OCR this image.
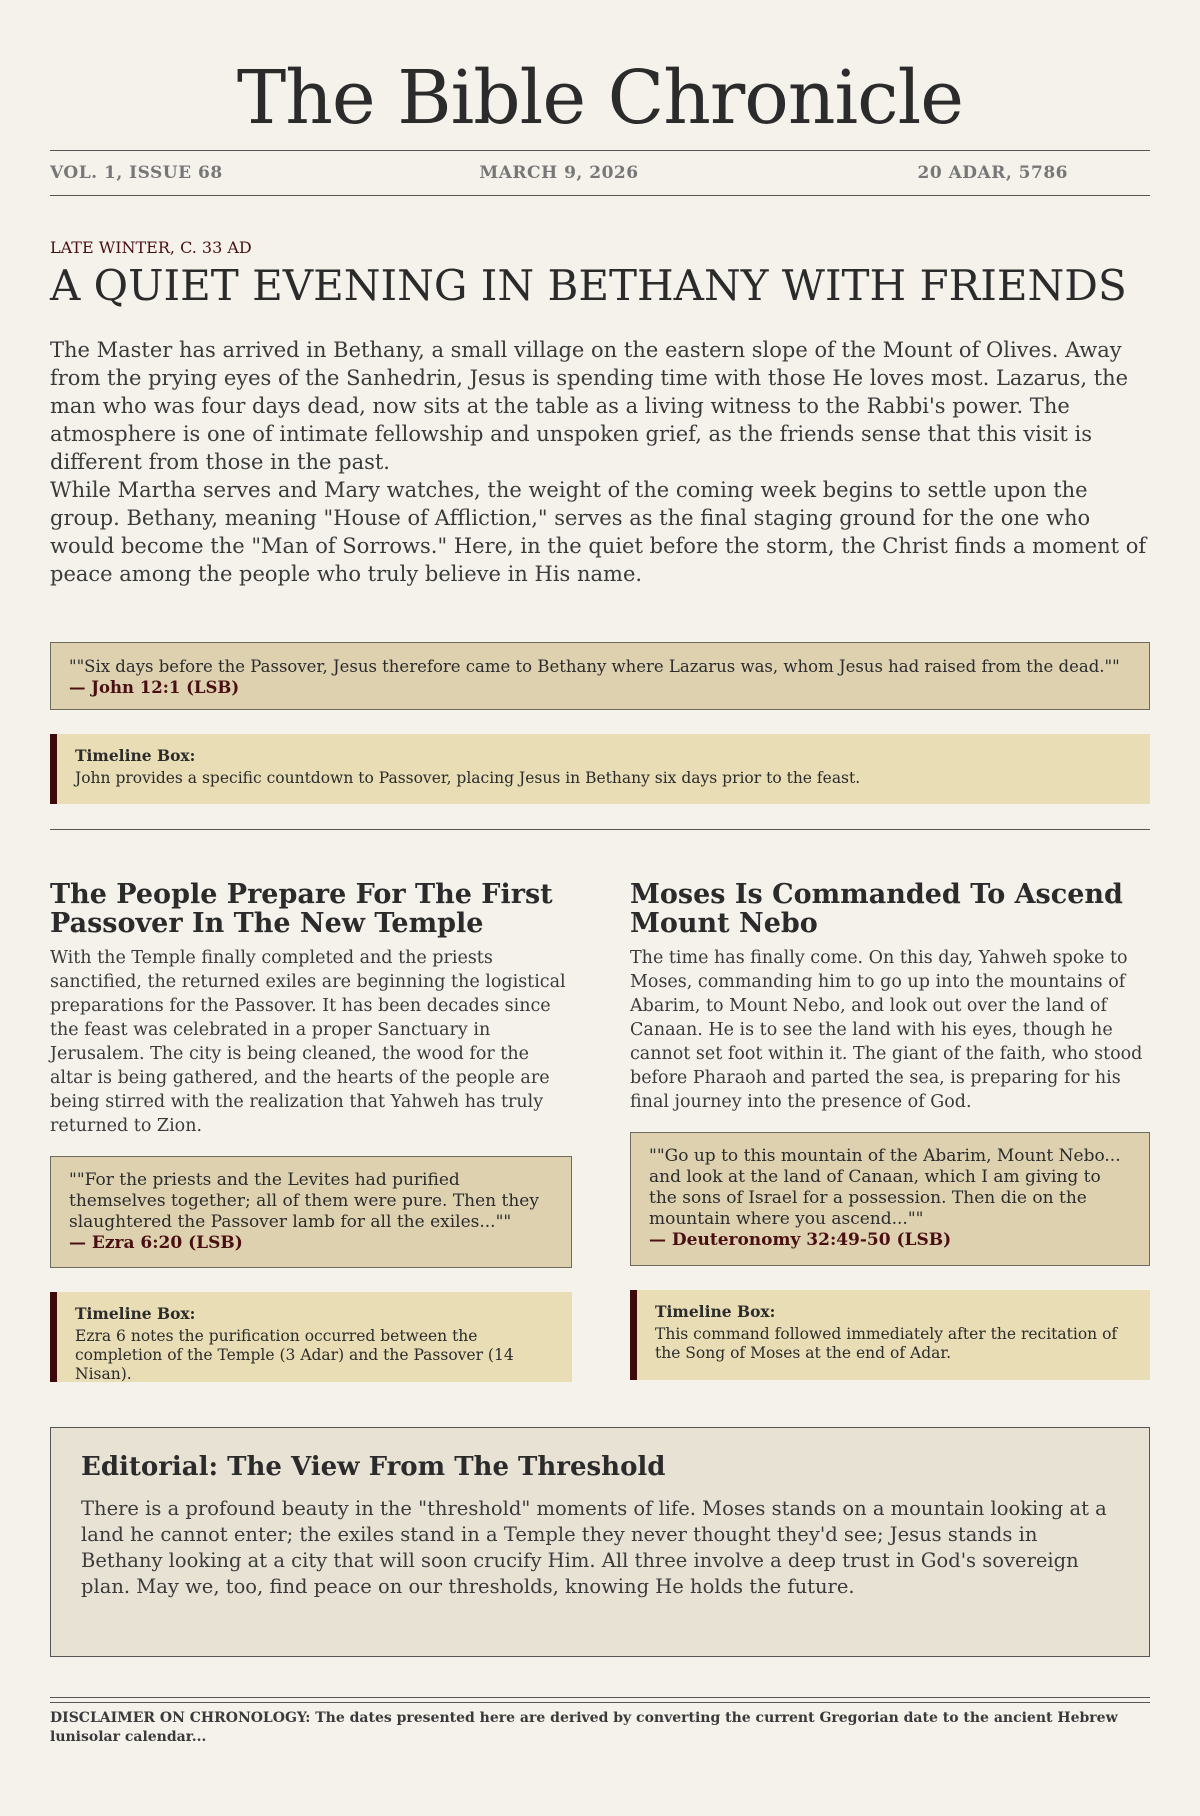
The Bible Chronicle
VOL. 1, ISSUE 68	MARCH 9, 2026	20 ADAR, 5786
LATE WINTER, C. 33 AD
A QUIET EVENING IN BETHANY WITH FRIENDS

The Master has arrived in Bethany, a small village on the eastern slope of the Mount of Olives. Away from the prying eyes of the Sanhedrin, Jesus is spending time with those He loves most. Lazarus, the man who was four days dead, now sits at the table as a living witness to the Rabbi's power. The atmosphere is one of intimate fellowship and unspoken grief, as the friends sense that this visit is different from those in the past.

While Martha serves and Mary watches, the weight of the coming week begins to settle upon the group. Bethany, meaning "House of Affliction," serves as the final staging ground for the one who would become the "Man of Sorrows." Here, in the quiet before the storm, the Christ finds a moment of peace among the people who truly believe in His name.

""Six days before the Passover, Jesus therefore came to Bethany where Lazarus was, whom Jesus had raised from the dead.""
— John 12:1 (LSB)
Timeline Box:
John provides a specific countdown to Passover, placing Jesus in Bethany six days prior to the feast.
The People Prepare For The First
Passover In The New Temple

With the Temple finally completed and the priests sanctified, the returned exiles are beginning the logistical preparations for the Passover. It has been decades since the feast was celebrated in a proper Sanctuary in Jerusalem. The city is being cleaned, the wood for the altar is being gathered, and the hearts of the people are being stirred with the realization that Yahweh has truly returned to Zion.

""For the priests and the Levites had purified themselves together; all of them were pure. Then they slaughtered the Passover lamb for all the exiles...""
— Ezra 6:20 (LSB)
Timeline Box:
Ezra 6 notes the purification occurred between the completion of the Temple (3 Adar) and the Passover (14 Nisan).
Moses Is Commanded To Ascend
Mount Nebo

The time has finally come. On this day, Yahweh spoke to Moses, commanding him to go up into the mountains of Abarim, to Mount Nebo, and look out over the land of Canaan. He is to see the land with his eyes, though he cannot set foot within it. The giant of the faith, who stood before Pharaoh and parted the sea, is preparing for his final journey into the presence of God.

""Go up to this mountain of the Abarim, Mount Nebo... and look at the land of Canaan, which I am giving to the sons of Israel for a possession. Then die on the mountain where you ascend...""
— Deuteronomy 32:49-50 (LSB)
Timeline Box:
This command followed immediately after the recitation of the Song of Moses at the end of Adar.
Editorial: The View From The Threshold

There is a profound beauty in the "threshold" moments of life. Moses stands on a mountain looking at a land he cannot enter; the exiles stand in a Temple they never thought they'd see; Jesus stands in Bethany looking at a city that will soon crucify Him. All three involve a deep trust in God's sovereign plan. May we, too, find peace on our thresholds, knowing He holds the future.

DISCLAIMER ON CHRONOLOGY: The dates presented here are derived by converting the current Gregorian date to the ancient Hebrew lunisolar calendar...
